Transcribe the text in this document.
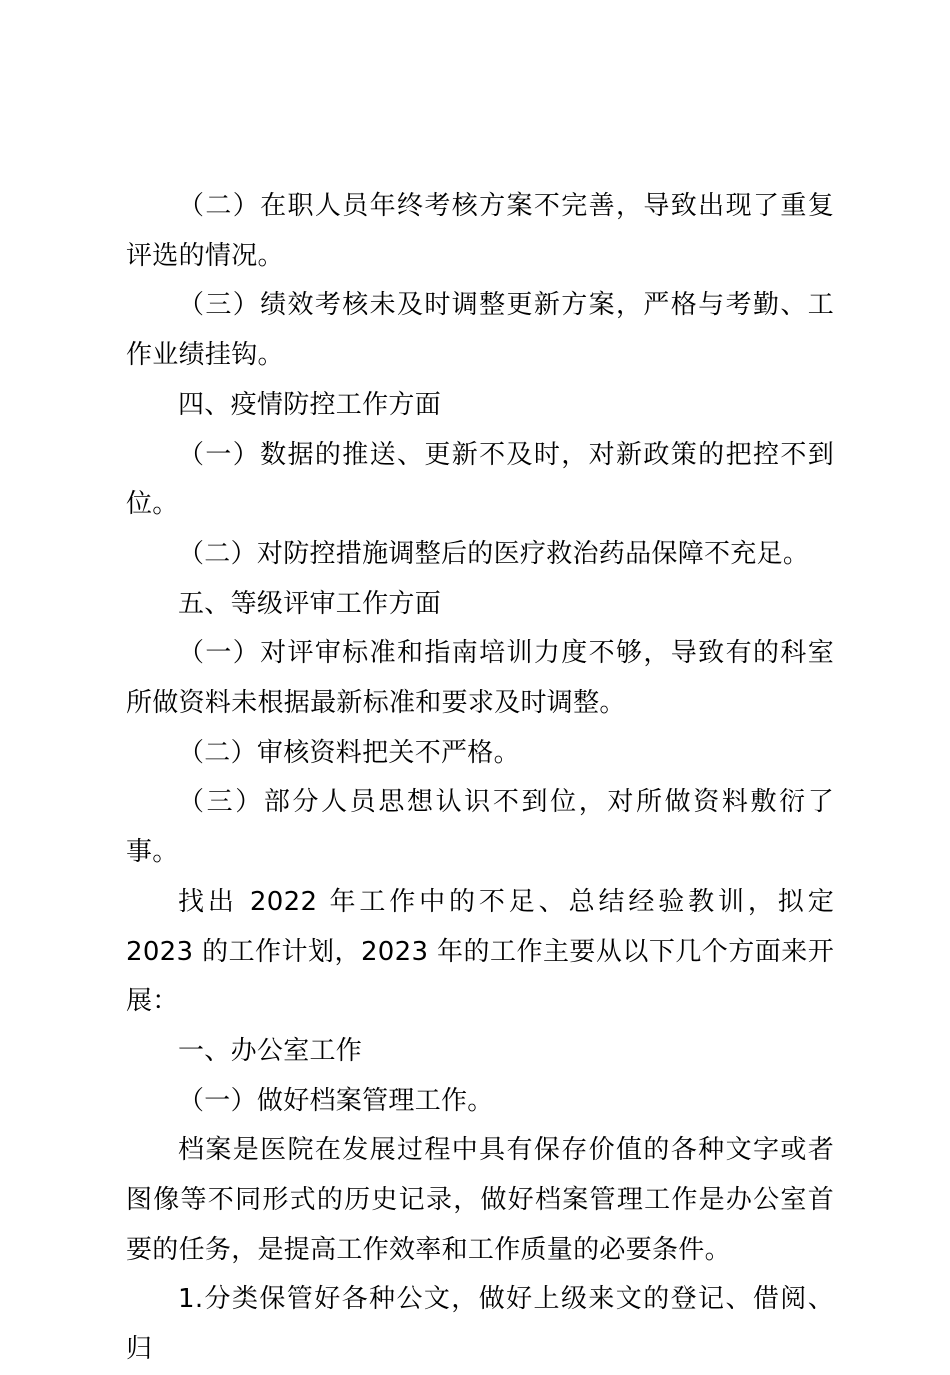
（二）在职人员年终考核方案不完善，导致出现了重复评选的情况。

（三）绩效考核未及时调整更新方案，严格与考勤、工作业绩挂钩。

四、疫情防控工作方面

（一）数据的推送、更新不及时，对新政策的把控不到位。

（二）对防控措施调整后的医疗救治药品保障不充足。

五、等级评审工作方面

（一）对评审标准和指南培训力度不够，导致有的科室所做资料未根据最新标准和要求及时调整。

（二）审核资料把关不严格。

（三）部分人员思想认识不到位，对所做资料敷衍了事。

找出 2022 年工作中的不足、总结经验教训，拟定 2023 的工作计划，2023 年的工作主要从以下几个方面来开展：

一、办公室工作

（一）做好档案管理工作。

档案是医院在发展过程中具有保存价值的各种文字或者图像等不同形式的历史记录，做好档案管理工作是办公室首要的任务，是提高工作效率和工作质量的必要条件。

1.分类保管好各种公文，做好上级来文的登记、借阅、归
